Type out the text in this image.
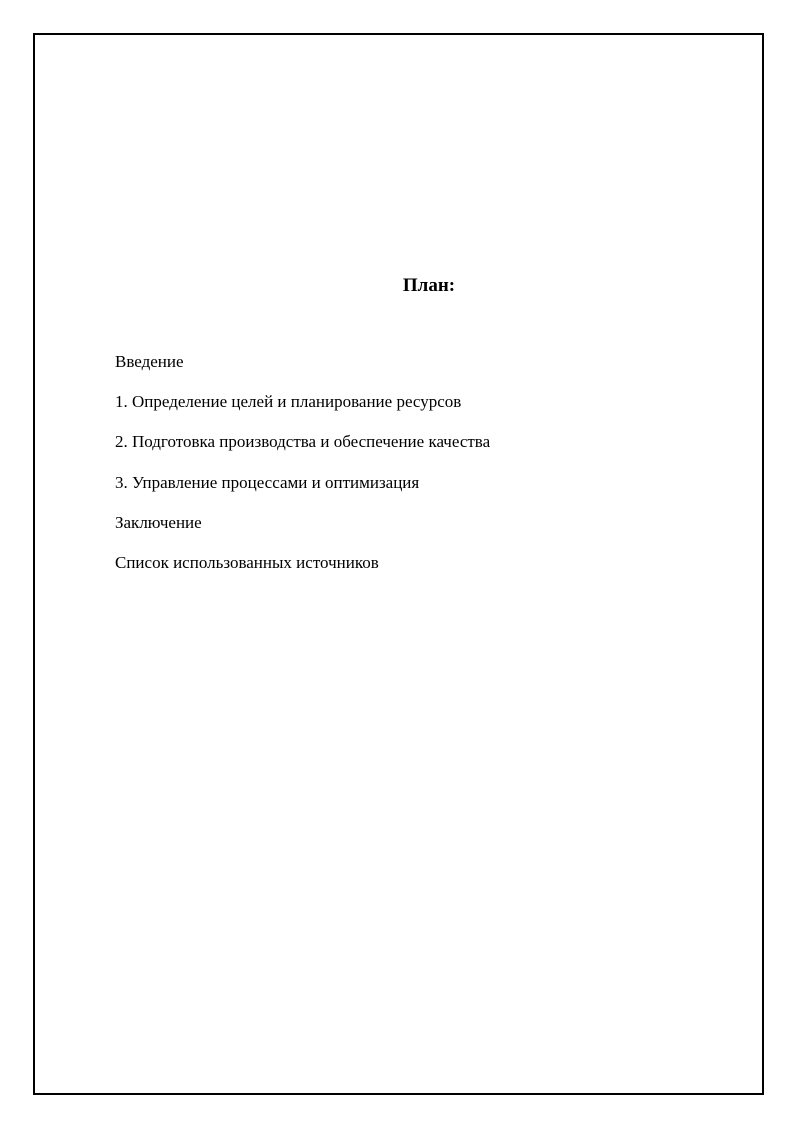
План:
Введение
1. Определение целей и планирование ресурсов
2. Подготовка производства и обеспечение качества
3. Управление процессами и оптимизация
Заключение
Список использованных источников
